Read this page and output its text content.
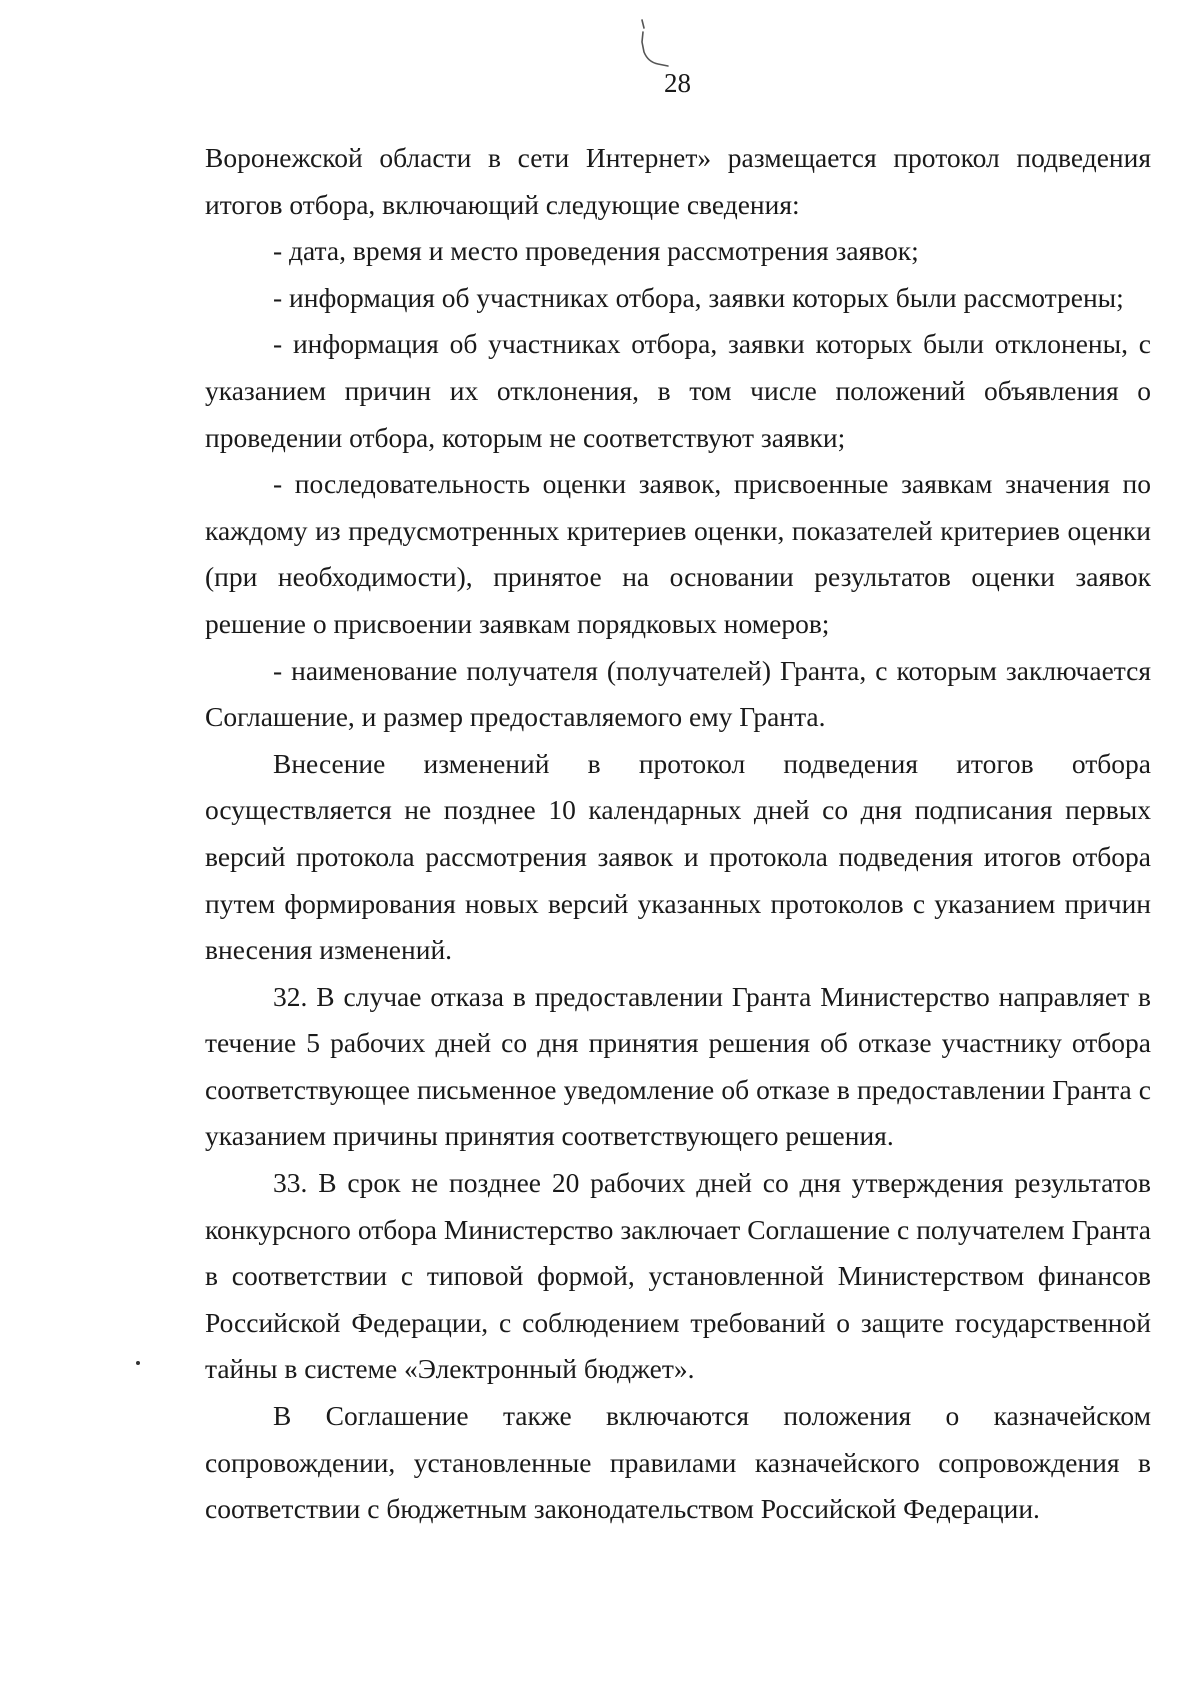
28

Воронежской области в сети Интернет» размещается протокол подведения итогов отбора, включающий следующие сведения:

- дата, время и место проведения рассмотрения заявок;

- информация об участниках отбора, заявки которых были рассмотрены;

- информация об участниках отбора, заявки которых были отклонены, с указанием причин их отклонения, в том числе положений объявления о проведении отбора, которым не соответствуют заявки;

- последовательность оценки заявок, присвоенные заявкам значения по каждому из предусмотренных критериев оценки, показателей критериев оценки (при необходимости), принятое на основании результатов оценки заявок решение о присвоении заявкам порядковых номеров;

- наименование получателя (получателей) Гранта, с которым заключается Соглашение, и размер предоставляемого ему Гранта.

Внесение изменений в протокол подведения итогов отбора осуществляется не позднее 10 календарных дней со дня подписания первых версий протокола рассмотрения заявок и протокола подведения итогов отбора путем формирования новых версий указанных протоколов с указанием причин внесения изменений.

32. В случае отказа в предоставлении Гранта Министерство направляет в течение 5 рабочих дней со дня принятия решения об отказе участнику отбора соответствующее письменное уведомление об отказе в предоставлении Гранта с указанием причины принятия соответствующего решения.

33. В срок не позднее 20 рабочих дней со дня утверждения результатов конкурсного отбора Министерство заключает Соглашение с получателем Гранта в соответствии с типовой формой, установленной Министерством финансов Российской Федерации, с соблюдением требований о защите государственной тайны в системе «Электронный бюджет».

В Соглашение также включаются положения о казначейском сопровождении, установленные правилами казначейского сопровождения в соответствии с бюджетным законодательством Российской Федерации.
